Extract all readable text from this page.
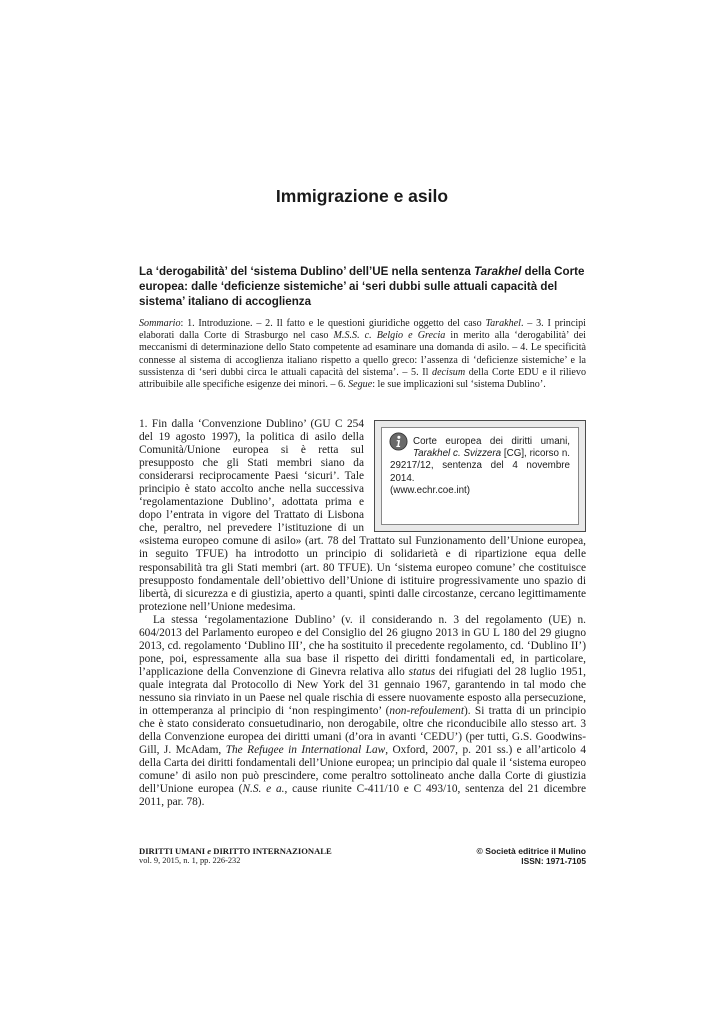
Immigrazione e asilo
La ‘derogabilità’ del ‘sistema Dublino’ dell’UE nella sentenza Tarakhel della Corte europea: dalle ‘deficienze sistemiche’ ai ‘seri dubbi sulle attuali capacità del sistema’ italiano di accoglienza
Sommario: 1. Introduzione. – 2. Il fatto e le questioni giuridiche oggetto del caso Tarakhel. – 3. I principi elaborati dalla Corte di Strasburgo nel caso M.S.S. c. Belgio e Grecia in merito alla ‘derogabilità’ dei meccanismi di determinazione dello Stato competente ad esaminare una domanda di asilo. – 4. Le specificità connesse al sistema di accoglienza italiano rispetto a quello greco: l’assenza di ‘deficienze sistemiche’ e la sussistenza di ‘seri dubbi circa le attuali capacità del sistema’. – 5. Il decisum della Corte EDU e il rilievo attribuibile alle specifiche esigenze dei minori. – 6. Segue: le sue implicazioni sul ‘sistema Dublino’.
Corte europea dei diritti umani, Tarakhel c. Svizzera [CG], ricorso n. 29217/12, sentenza del 4 novembre 2014.
(www.echr.coe.int)

1. Fin dalla ‘Convenzione Dublino’ (GU C 254 del 19 agosto 1997), la politica di asilo della Comunità/Unione europea si è retta sul presupposto che gli Stati membri siano da considerarsi reciprocamente Paesi ‘sicuri’. Tale principio è stato accolto anche nella successiva ‘regolamentazione Dublino’, adottata prima e dopo l’entrata in vigore del Trattato di Lisbona che, peraltro, nel prevedere l’istituzione di un «sistema europeo comune di asilo» (art. 78 del Trattato sul Funzionamento dell’Unione europea, in seguito TFUE) ha introdotto un principio di solidarietà e di ripartizione equa delle responsabilità tra gli Stati membri (art. 80 TFUE). Un ‘sistema europeo comune’ che costituisce presupposto fondamentale dell’obiettivo dell’Unione di istituire progressivamente uno spazio di libertà, di sicurezza e di giustizia, aperto a quanti, spinti dalle circostanze, cercano legittimamente protezione nell’Unione medesima.

La stessa ‘regolamentazione Dublino’ (v. il considerando n. 3 del regolamento (UE) n. 604/2013 del Parlamento europeo e del Consiglio del 26 giugno 2013 in GU L 180 del 29 giugno 2013, cd. regolamento ‘Dublino III’, che ha sostituito il precedente regolamento, cd. ‘Dublino II’) pone, poi, espressamente alla sua base il rispetto dei diritti fondamentali ed, in particolare, l’applicazione della Convenzione di Ginevra relativa allo status dei rifugiati del 28 luglio 1951, quale integrata dal Protocollo di New York del 31 gennaio 1967, garantendo in tal modo che nessuno sia rinviato in un Paese nel quale rischia di essere nuovamente esposto alla persecuzione, in ottemperanza al principio di ‘non respingimento’ (non-refoulement). Si tratta di un principio che è stato considerato consuetudinario, non derogabile, oltre che riconducibile allo stesso art. 3 della Convenzione europea dei diritti umani (d’ora in avanti ‘CEDU’) (per tutti, G.S. Goodwins-Gill, J. McAdam, The Refugee in International Law, Oxford, 2007, p. 201 ss.) e all’articolo 4 della Carta dei diritti fondamentali dell’Unione europea; un principio dal quale il ‘sistema europeo comune’ di asilo non può prescindere, come peraltro sottolineato anche dalla Corte di giustizia dell’Unione europea (N.S. e a., cause riunite C-411/10 e C 493/10, sentenza del 21 dicembre 2011, par. 78).

DIRITTI UMANI e DIRITTO INTERNAZIONALE
vol. 9, 2015, n. 1, pp. 226-232
© Società editrice il Mulino
ISSN: 1971-7105
